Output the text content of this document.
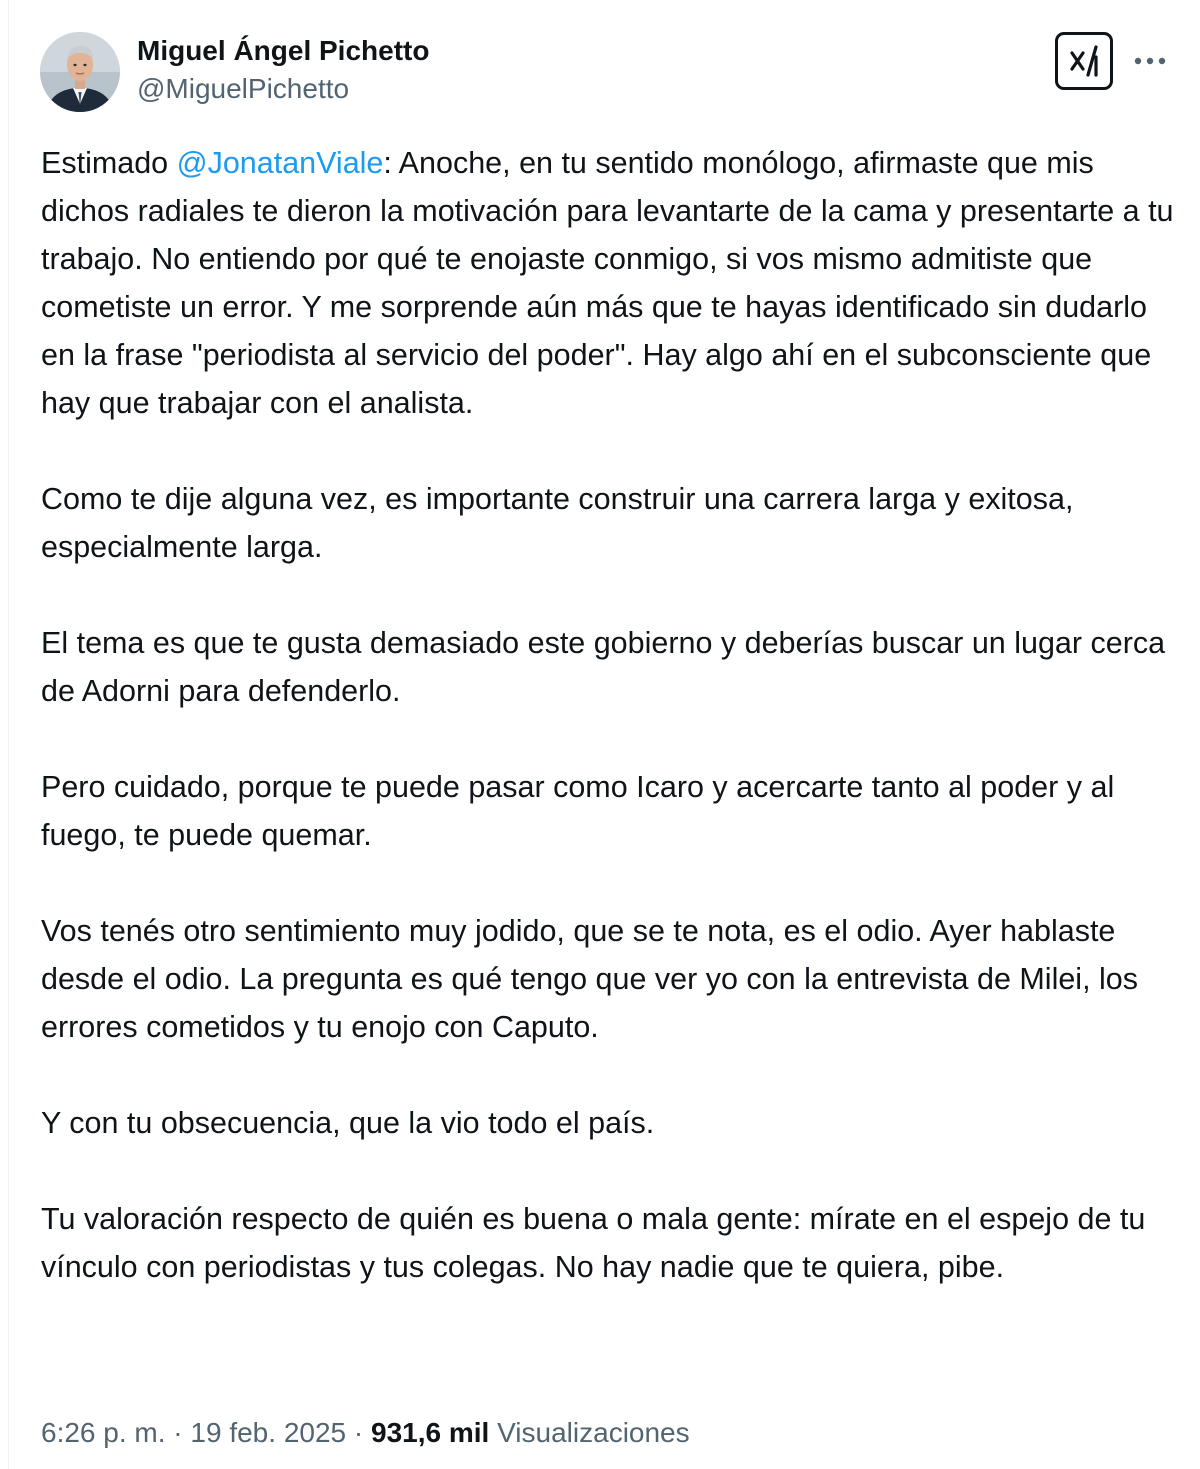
Miguel Ángel Pichetto
@MiguelPichetto

Estimado @JonatanViale: Anoche, en tu sentido monólogo, afirmaste que mis dichos radiales te dieron la motivación para levantarte de la cama y presentarte a tu trabajo. No entiendo por qué te enojaste conmigo, si vos mismo admitiste que cometiste un error. Y me sorprende aún más que te hayas identificado sin dudarlo en la frase "periodista al servicio del poder". Hay algo ahí en el subconsciente que hay que trabajar con el analista.

Como te dije alguna vez, es importante construir una carrera larga y exitosa, especialmente larga.

El tema es que te gusta demasiado este gobierno y deberías buscar un lugar cerca de Adorni para defenderlo.

Pero cuidado, porque te puede pasar como Icaro y acercarte tanto al poder y al fuego, te puede quemar.

Vos tenés otro sentimiento muy jodido, que se te nota, es el odio. Ayer hablaste desde el odio. La pregunta es qué tengo que ver yo con la entrevista de Milei, los errores cometidos y tu enojo con Caputo.

Y con tu obsecuencia, que la vio todo el país.

Tu valoración respecto de quién es buena o mala gente: mírate en el espejo de tu vínculo con periodistas y tus colegas. No hay nadie que te quiera, pibe.

6:26 p. m. · 19 feb. 2025 · 931,6 mil Visualizaciones
